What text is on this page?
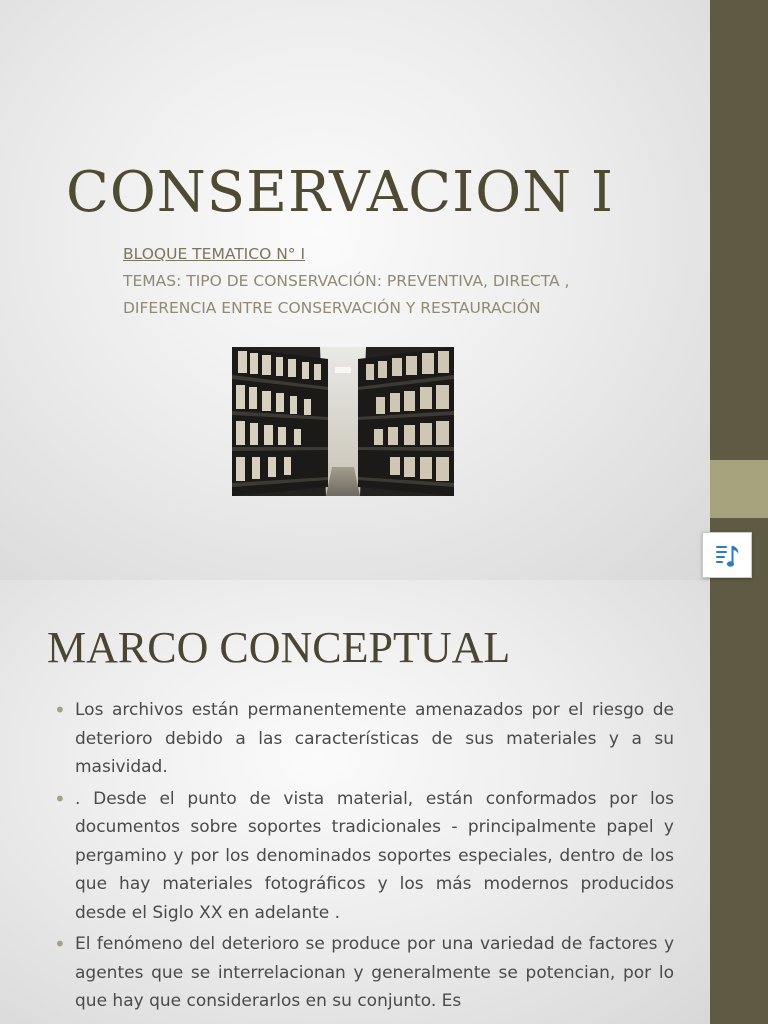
CONSERVACION I
BLOQUE TEMATICO N° I
TEMAS: TIPO DE CONSERVACIÓN: PREVENTIVA, DIRECTA ,
DIFERENCIA ENTRE CONSERVACIÓN Y RESTAURACIÓN
MARCO CONCEPTUAL
• Los archivos están permanentemente amenazados por el riesgo de deterioro debido a las características de sus materiales y a su masividad.
• . Desde el punto de vista material, están conformados por los documentos sobre soportes tradicionales - principalmente papel y pergamino y por los denominados soportes especiales, dentro de los que hay materiales fotográficos y los más modernos producidos desde el Siglo XX en adelante .
• El fenómeno del deterioro se produce por una variedad de factores y agentes que se interrelacionan y generalmente se potencian, por lo que hay que considerarlos en su conjunto. Es
